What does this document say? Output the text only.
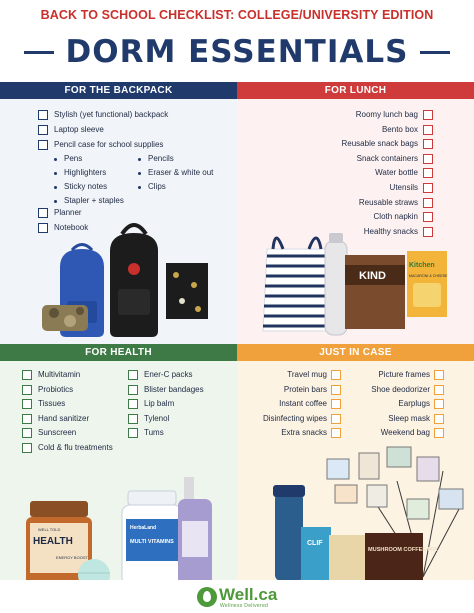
BACK TO SCHOOL CHECKLIST: COLLEGE/UNIVERSITY EDITION
DORM ESSENTIALS
FOR THE BACKPACK	FOR LUNCH
KIND
Kitchen
MACARONI & CHEESE
FOR HEALTH
WELL TOLD
HEALTH
ENERGY BOOST
HerbaLand
MULTI VITAMINS
JUST IN CASE
CLIF
MUSHROOM COFFEE MIX
Stylish (yet functional) backpack
Laptop sleeve
Pencil case for school supplies
Pens
Highlighters
Sticky notes
Stapler + staples
Pencils
Eraser & white out
Clips
Planner
Notebook
Roomy lunch bag
Bento box
Reusable snack bags
Snack containers
Water bottle
Utensils
Reusable straws
Cloth napkin
Healthy snacks
Multivitamin
Probiotics
Tissues
Hand sanitizer
Sunscreen
Cold & flu treatments
Ener-C packs
Blister bandages
Lip balm
Tylenol
Tums
Travel mug
Protein bars
Instant coffee
Disinfecting wipes
Extra snacks
Picture frames
Shoe deodorizer
Earplugs
Sleep mask
Weekend bag
Well.ca
Wellness Delivered
